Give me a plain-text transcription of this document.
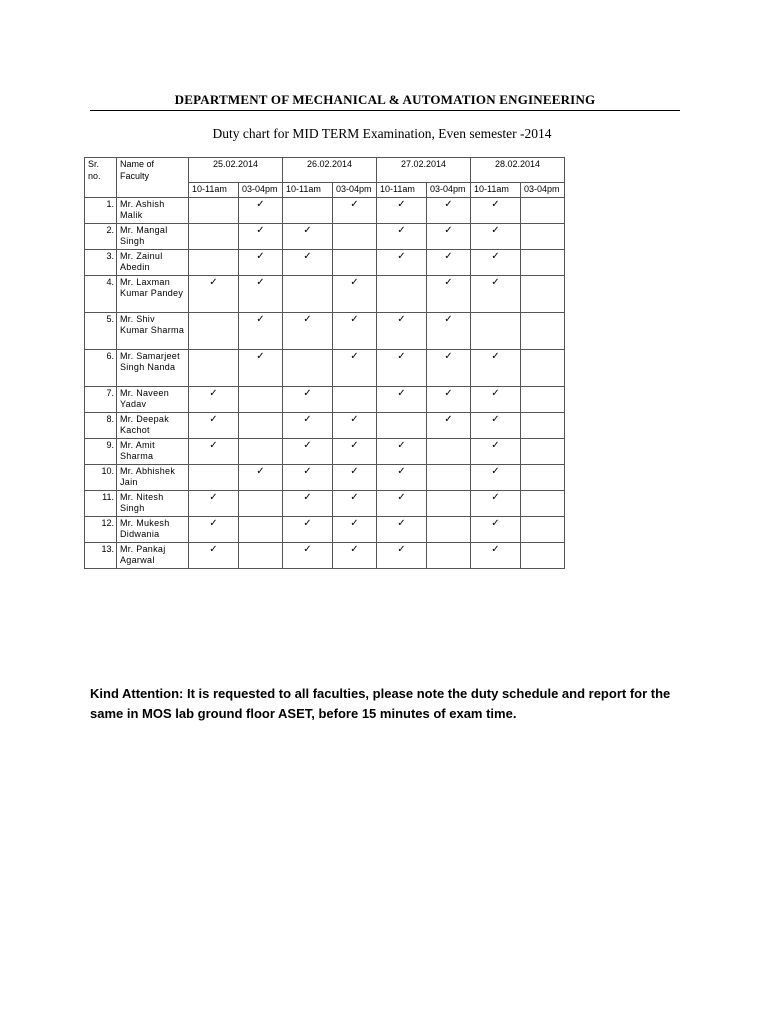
DEPARTMENT OF MECHANICAL & AUTOMATION ENGINEERING
Duty chart for MID TERM Examination, Even semester -2014
Sr. no.	Name of Faculty	25.02.2014		26.02.2014		27.02.2014		28.02.2014	
		10-11am	03-04pm	10-11am	03-04pm	10-11am	03-04pm	10-11am	03-04pm
1.	Mr. Ashish Malik		✓		✓	✓	✓	✓	
2.	Mr. Mangal Singh		✓	✓		✓	✓	✓	
3.	Mr. Zainul Abedin		✓	✓		✓	✓	✓	
4.	Mr. Laxman Kumar Pandey	✓	✓		✓		✓	✓	
5.	Mr. Shiv Kumar Sharma		✓	✓	✓	✓	✓		
6.	Mr. Samarjeet Singh Nanda		✓		✓	✓	✓	✓	
7.	Mr. Naveen Yadav	✓		✓		✓	✓	✓	
8.	Mr. Deepak Kachot	✓		✓	✓		✓	✓	
9.	Mr. Amit Sharma	✓		✓	✓	✓		✓	
10.	Mr. Abhishek Jain		✓	✓	✓	✓		✓	
11.	Mr. Nitesh Singh	✓		✓	✓	✓		✓	
12.	Mr. Mukesh Didwania	✓		✓	✓	✓		✓	
13.	Mr. Pankaj Agarwal	✓		✓	✓	✓		✓	
Kind Attention: It is requested to all faculties, please note the duty schedule and report for the same in MOS lab ground floor ASET, before 15 minutes of exam time.
